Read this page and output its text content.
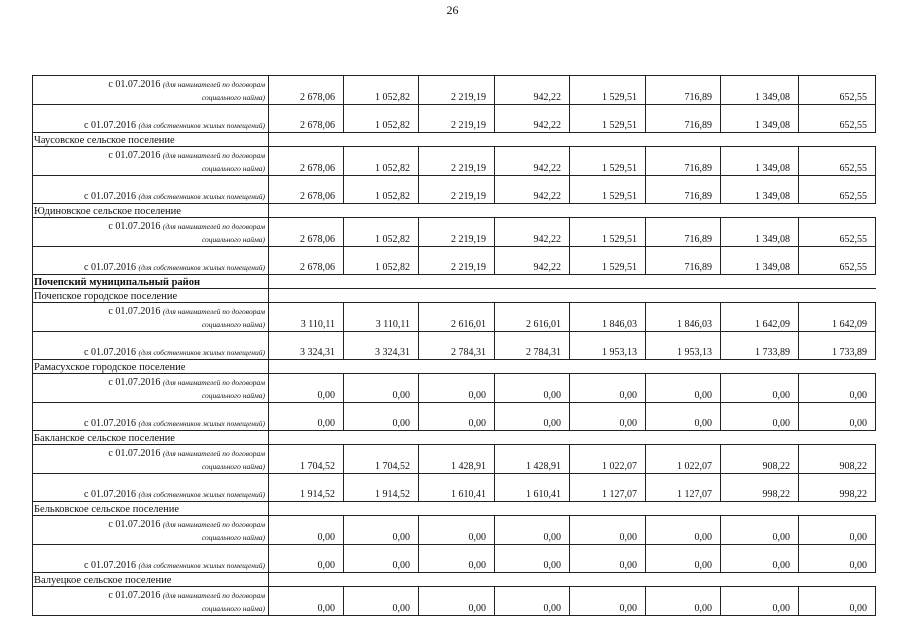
26
с 01.07.2016 (для нанимателей по договорам
социального найма)	2 678,06	1 052,82	2 219,19	942,22	1 529,51	716,89	1 349,08	652,55
с 01.07.2016 (для собственников жилых помещений)	2 678,06	1 052,82	2 219,19	942,22	1 529,51	716,89	1 349,08	652,55
Чаусовское сельское поселение								

с 01.07.2016 (для нанимателей по договорам
социального найма)	2 678,06	1 052,82	2 219,19	942,22	1 529,51	716,89	1 349,08	652,55
с 01.07.2016 (для собственников жилых помещений)	2 678,06	1 052,82	2 219,19	942,22	1 529,51	716,89	1 349,08	652,55
Юдиновское сельское поселение								

с 01.07.2016 (для нанимателей по договорам
социального найма)	2 678,06	1 052,82	2 219,19	942,22	1 529,51	716,89	1 349,08	652,55
с 01.07.2016 (для собственников жилых помещений)	2 678,06	1 052,82	2 219,19	942,22	1 529,51	716,89	1 349,08	652,55
Почепский муниципальный район								
Почепское городское поселение								

с 01.07.2016 (для нанимателей по договорам
социального найма)	3 110,11	3 110,11	2 616,01	2 616,01	1 846,03	1 846,03	1 642,09	1 642,09
с 01.07.2016 (для собственников жилых помещений)	3 324,31	3 324,31	2 784,31	2 784,31	1 953,13	1 953,13	1 733,89	1 733,89
Рамасухское городское поселение								

с 01.07.2016 (для нанимателей по договорам
социального найма)	0,00	0,00	0,00	0,00	0,00	0,00	0,00	0,00
с 01.07.2016 (для собственников жилых помещений)	0,00	0,00	0,00	0,00	0,00	0,00	0,00	0,00
Бакланское сельское поселение								

с 01.07.2016 (для нанимателей по договорам
социального найма)	1 704,52	1 704,52	1 428,91	1 428,91	1 022,07	1 022,07	908,22	908,22
с 01.07.2016 (для собственников жилых помещений)	1 914,52	1 914,52	1 610,41	1 610,41	1 127,07	1 127,07	998,22	998,22
Бельковское сельское поселение								

с 01.07.2016 (для нанимателей по договорам
социального найма)	0,00	0,00	0,00	0,00	0,00	0,00	0,00	0,00
с 01.07.2016 (для собственников жилых помещений)	0,00	0,00	0,00	0,00	0,00	0,00	0,00	0,00
Валуецкое сельское поселение								

с 01.07.2016 (для нанимателей по договорам
социального найма)	0,00	0,00	0,00	0,00	0,00	0,00	0,00	0,00
